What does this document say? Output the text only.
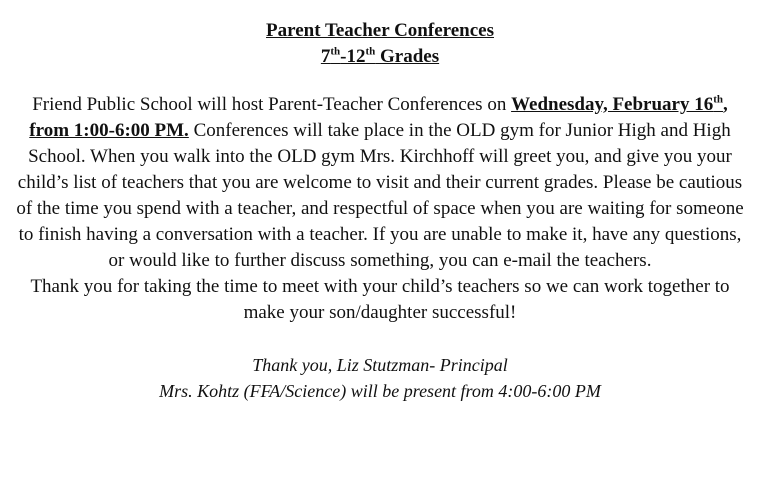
Parent Teacher Conferences

7th-12th Grades

Friend Public School will host Parent-Teacher Conferences on Wednesday, February 16th, from 1:00-6:00 PM. Conferences will take place in the OLD gym for Junior High and High School. When you walk into the OLD gym Mrs. Kirchhoff will greet you, and give you your child’s list of teachers that you are welcome to visit and their current grades. Please be cautious of the time you spend with a teacher, and respectful of space when you are waiting for someone to finish having a conversation with a teacher. If you are unable to make it, have any questions, or would like to further discuss something, you can e-mail the teachers.

Thank you for taking the time to meet with your child’s teachers so we can work together to make your son/daughter successful!

Thank you, Liz Stutzman- Principal

Mrs. Kohtz (FFA/Science) will be present from 4:00-6:00 PM
